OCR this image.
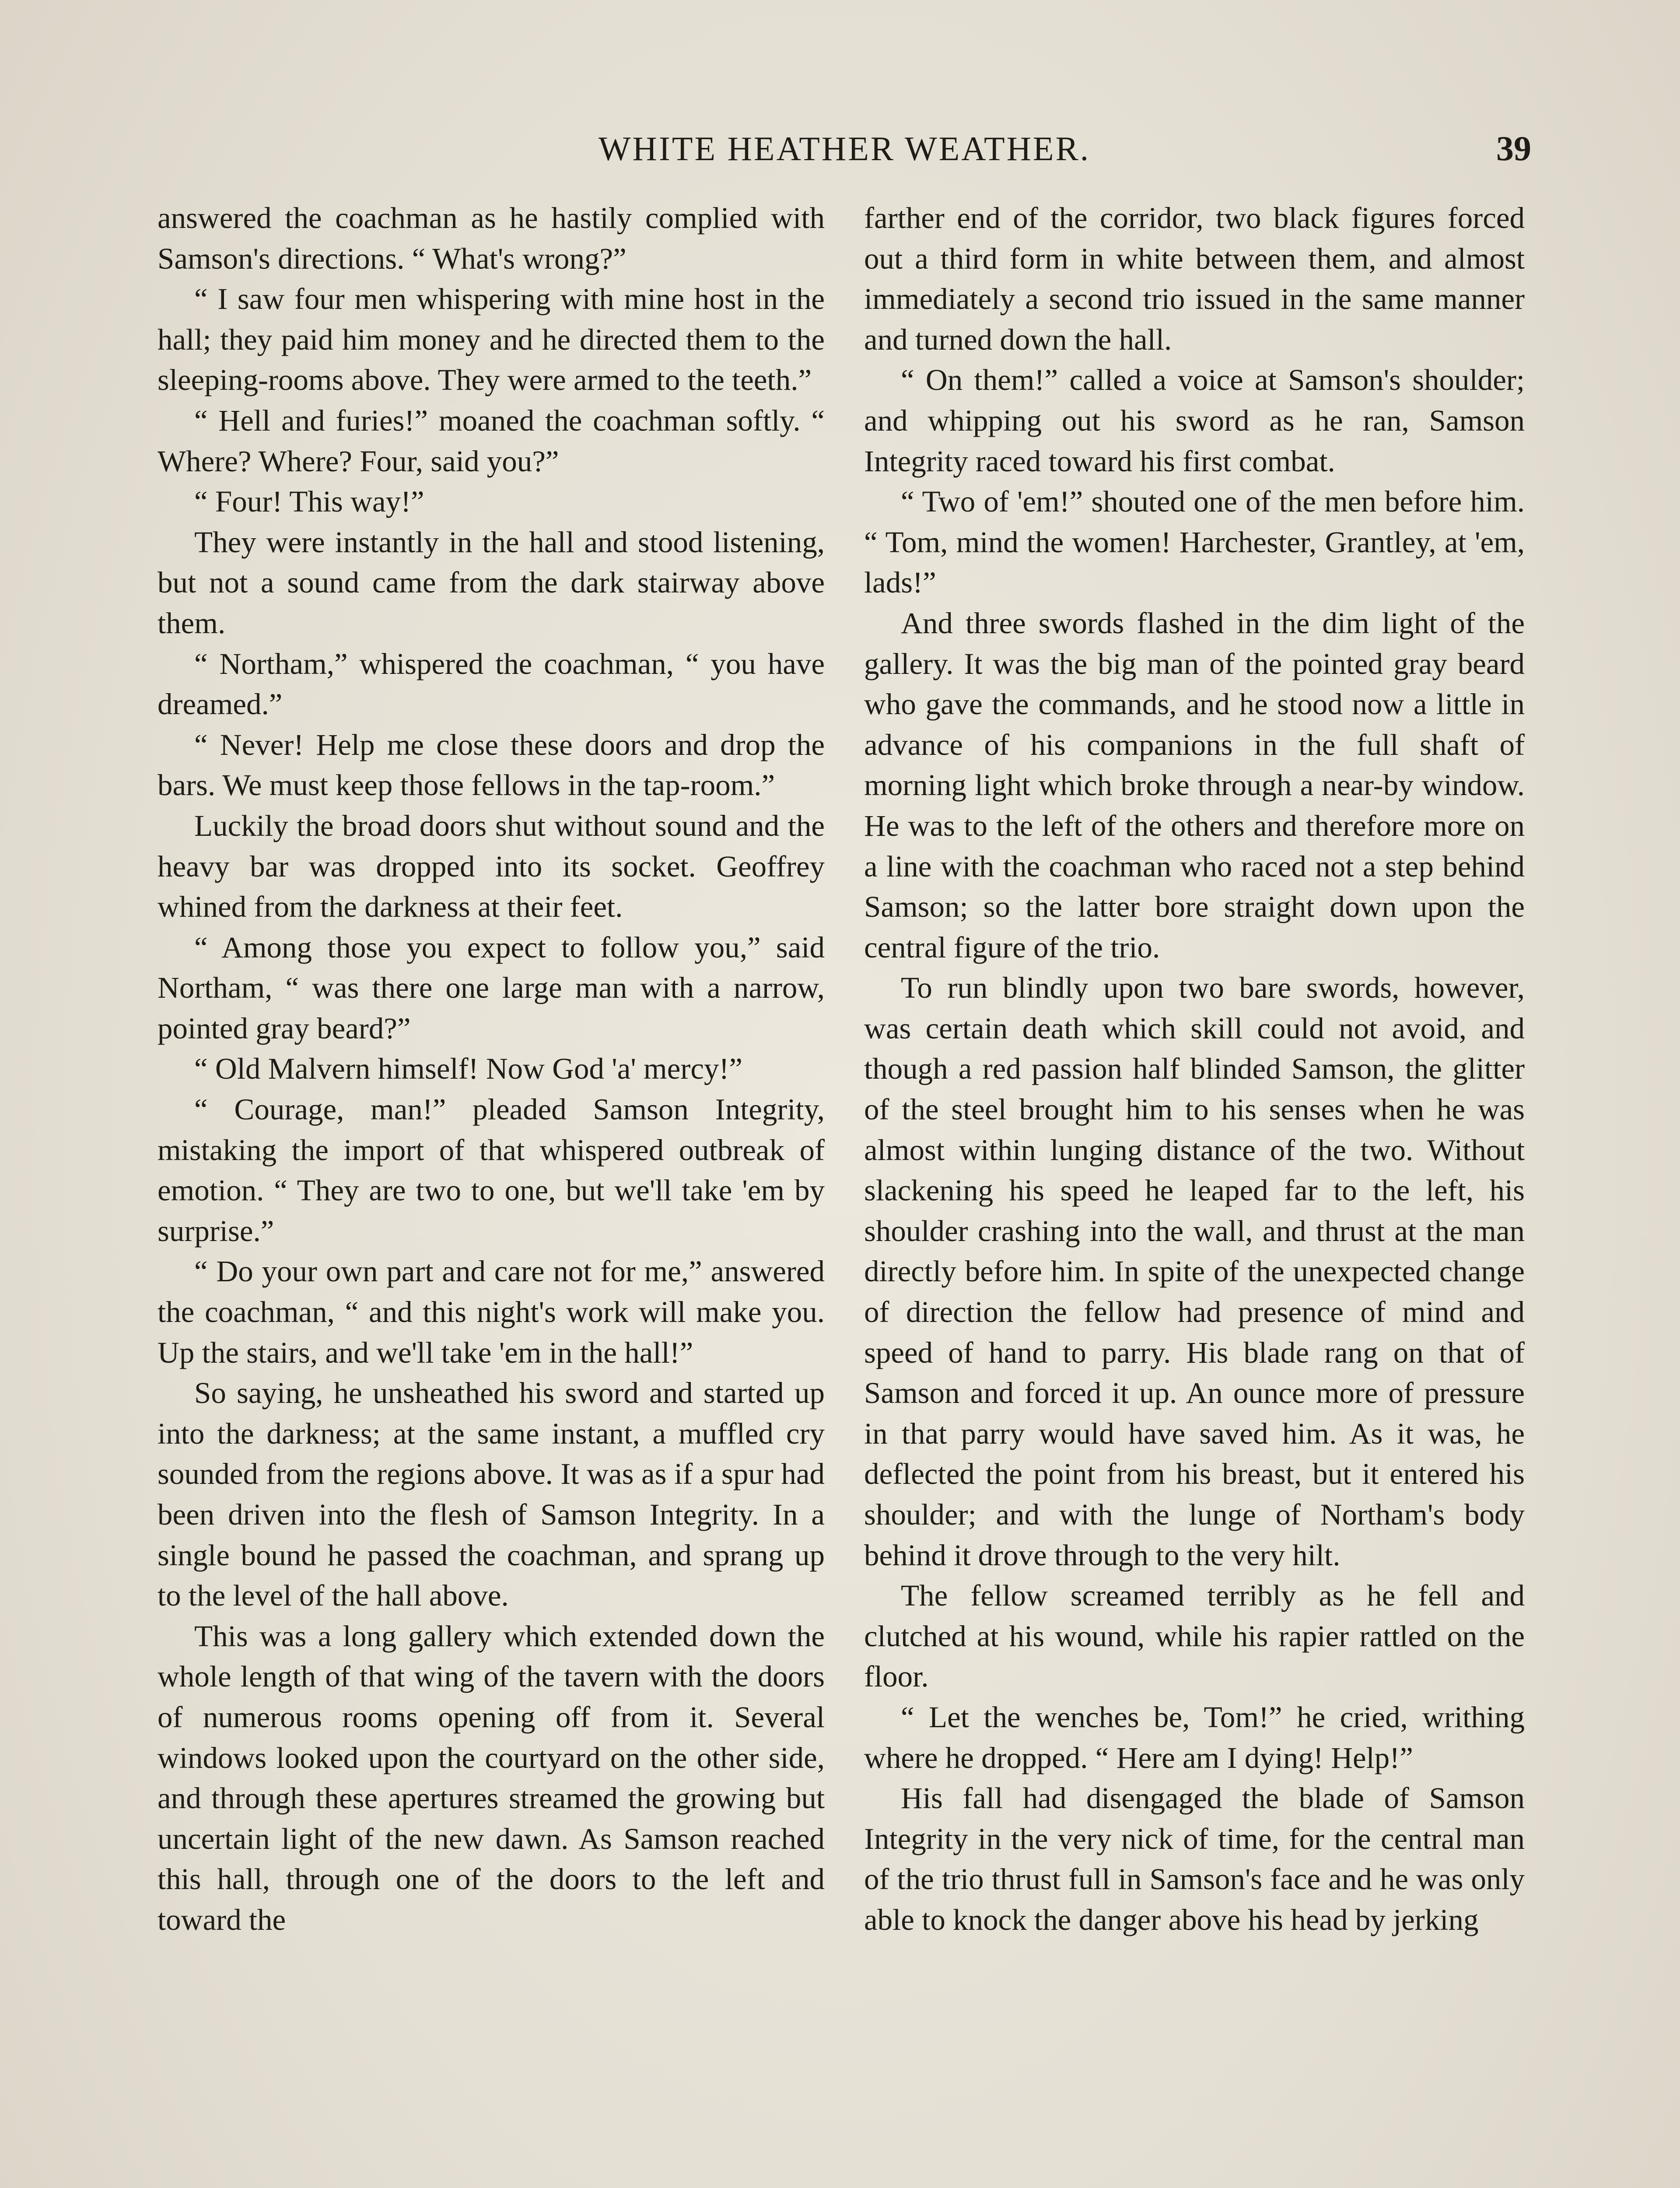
WHITE HEATHER WEATHER.	39

answered the coachman as he hastily complied with Samson's directions. “ What's wrong?”

“ I saw four men whispering with mine host in the hall; they paid him money and he directed them to the sleeping-rooms above. They were armed to the teeth.”

“ Hell and furies!” moaned the coachman softly. “ Where? Where? Four, said you?”

“ Four! This way!”

They were instantly in the hall and stood listening, but not a sound came from the dark stairway above them.

“ Northam,” whispered the coachman, “ you have dreamed.”

“ Never! Help me close these doors and drop the bars. We must keep those fellows in the tap-room.”

Luckily the broad doors shut without sound and the heavy bar was dropped into its socket. Geoffrey whined from the darkness at their feet.

“ Among those you expect to follow you,” said Northam, “ was there one large man with a narrow, pointed gray beard?”

“ Old Malvern himself! Now God 'a' mercy!”

“ Courage, man!” pleaded Samson Integrity, mistaking the import of that whispered outbreak of emotion. “ They are two to one, but we'll take 'em by surprise.”

“ Do your own part and care not for me,” answered the coachman, “ and this night's work will make you. Up the stairs, and we'll take 'em in the hall!”

So saying, he unsheathed his sword and started up into the darkness; at the same instant, a muffled cry sounded from the regions above. It was as if a spur had been driven into the flesh of Samson Integrity. In a single bound he passed the coachman, and sprang up to the level of the hall above.

This was a long gallery which extended down the whole length of that wing of the tavern with the doors of numerous rooms opening off from it. Several windows looked upon the courtyard on the other side, and through these apertures streamed the growing but uncertain light of the new dawn. As Samson reached this hall, through one of the doors to the left and toward the

farther end of the corridor, two black figures forced out a third form in white between them, and almost immediately a second trio issued in the same manner and turned down the hall.

“ On them!” called a voice at Samson's shoulder; and whipping out his sword as he ran, Samson Integrity raced toward his first combat.

“ Two of 'em!” shouted one of the men before him. “ Tom, mind the women! Harchester, Grantley, at 'em, lads!”

And three swords flashed in the dim light of the gallery. It was the big man of the pointed gray beard who gave the commands, and he stood now a little in advance of his companions in the full shaft of morning light which broke through a near-by window. He was to the left of the others and therefore more on a line with the coachman who raced not a step behind Samson; so the latter bore straight down upon the central figure of the trio.

To run blindly upon two bare swords, however, was certain death which skill could not avoid, and though a red passion half blinded Samson, the glitter of the steel brought him to his senses when he was almost within lunging distance of the two. Without slackening his speed he leaped far to the left, his shoulder crashing into the wall, and thrust at the man directly before him. In spite of the unexpected change of direction the fellow had presence of mind and speed of hand to parry. His blade rang on that of Samson and forced it up. An ounce more of pressure in that parry would have saved him. As it was, he deflected the point from his breast, but it entered his shoulder; and with the lunge of Northam's body behind it drove through to the very hilt.

The fellow screamed terribly as he fell and clutched at his wound, while his rapier rattled on the floor.

“ Let the wenches be, Tom!” he cried, writhing where he dropped. “ Here am I dying! Help!”

His fall had disengaged the blade of Samson Integrity in the very nick of time, for the central man of the trio thrust full in Samson's face and he was only able to knock the danger above his head by jerking
